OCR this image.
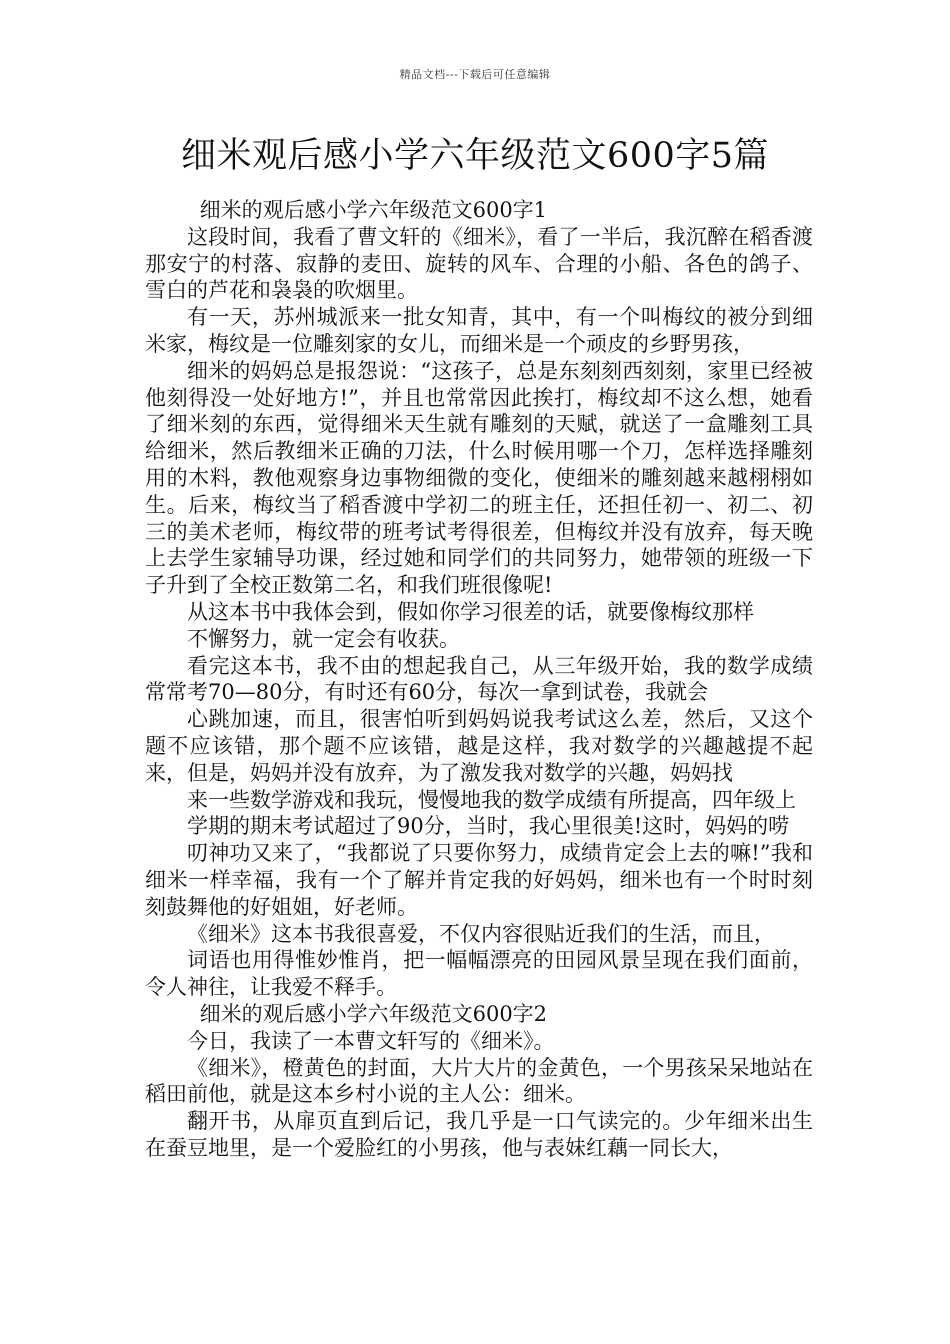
精品文档---下载后可任意编辑
细米观后感小学六年级范文600字5篇

细米的观后感小学六年级范文600字1

这段时间，我看了曹文轩的《细米》，看了一半后，我沉醉在稻香渡那安宁的村落、寂静的麦田、旋转的风车、合理的小船、各色的鸽子、雪白的芦花和袅袅的吹烟里。

有一天，苏州城派来一批女知青，其中，有一个叫梅纹的被分到细米家，梅纹是一位雕刻家的女儿，而细米是一个顽皮的乡野男孩，

细米的妈妈总是报怨说：“这孩子，总是东刻刻西刻刻，家里已经被他刻得没一处好地方!”，并且也常常因此挨打，梅纹却不这么想，她看了细米刻的东西，觉得细米天生就有雕刻的天赋，就送了一盒雕刻工具给细米，然后教细米正确的刀法，什么时候用哪一个刀，怎样选择雕刻用的木料，教他观察身边事物细微的变化，使细米的雕刻越来越栩栩如生。后来，梅纹当了稻香渡中学初二的班主任，还担任初一、初二、初三的美术老师，梅纹带的班考试考得很差，但梅纹并没有放弃，每天晚上去学生家辅导功课，经过她和同学们的共同努力，她带领的班级一下子升到了全校正数第二名，和我们班很像呢!

从这本书中我体会到，假如你学习很差的话，就要像梅纹那样

不懈努力，就一定会有收获。

看完这本书，我不由的想起我自己，从三年级开始，我的数学成绩常常考70—80分，有时还有60分，每次一拿到试卷，我就会

心跳加速，而且，很害怕听到妈妈说我考试这么差，然后，又这个题不应该错，那个题不应该错，越是这样，我对数学的兴趣越提不起来，但是，妈妈并没有放弃，为了激发我对数学的兴趣，妈妈找

来一些数学游戏和我玩，慢慢地我的数学成绩有所提高，四年级上

学期的期末考试超过了90分，当时，我心里很美!这时，妈妈的唠

叨神功又来了，“我都说了只要你努力，成绩肯定会上去的嘛!”我和细米一样幸福，我有一个了解并肯定我的好妈妈，细米也有一个时时刻刻鼓舞他的好姐姐，好老师。

《细米》这本书我很喜爱，不仅内容很贴近我们的生活，而且，

词语也用得惟妙惟肖，把一幅幅漂亮的田园风景呈现在我们面前，令人神往，让我爱不释手。

细米的观后感小学六年级范文600字2

今日，我读了一本曹文轩写的《细米》。

《细米》，橙黄色的封面，大片大片的金黄色，一个男孩呆呆地站在稻田前他，就是这本乡村小说的主人公：细米。

翻开书，从扉页直到后记，我几乎是一口气读完的。少年细米出生在蚕豆地里，是一个爱脸红的小男孩，他与表妹红藕一同长大，
